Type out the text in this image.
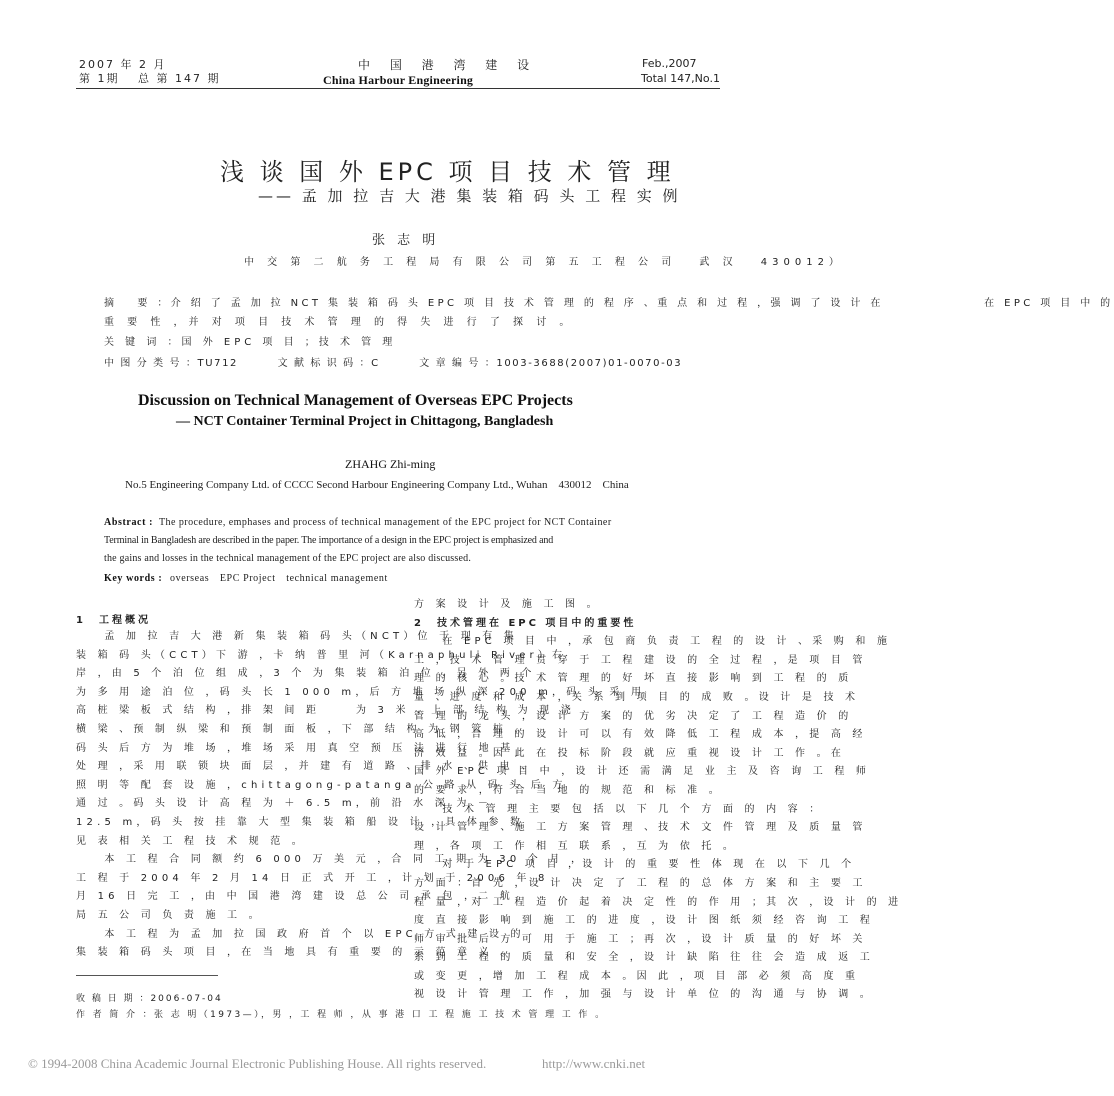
2007 年 2 月
第 1期　 总 第 147 期
中 国 港 湾 建 设
China Harbour Engineering
Feb.,2007
Total 147,No.1
浅 谈 国 外 EPC 项 目 技 术 管 理
—— 孟 加 拉 吉 大 港 集 装 箱 码 头 工 程 实 例
张 志 明
中 交 第 二 航 务 工 程 局 有 限 公 司 第 五 工 程 公 司　 武 汉　 430012）
摘　 要 ：介 绍 了 孟 加 拉 NCT 集 装 箱 码 头 EPC 项 目 技 术 管 理 的 程 序 、重 点 和 过 程 ，强 调 了 设 计 在　　　　　　　 在 EPC 项 目 中 的
重 要 性 ，并 对 项 目 技 术 管 理 的 得 失 进 行 了 探 讨 。
关 键 词 ：国 外 EPC 项 目 ；技 术 管 理
中 图 分 类 号 ：TU712　　　 文 献 标 识 码 ：C　　　 文 章 编 号 ：1003-3688(2007)01-0070-03
Discussion on Technical Management of Overseas EPC Projects
— NCT Container Terminal Project in Chittagong, Bangladesh
ZHAHG Zhi-ming
No.5 Engineering Company Ltd. of CCCC Second Harbour Engineering Company Ltd., Wuhan　430012　China
Abstract : The procedure, emphases and process of technical management of the EPC project for NCT Container
Terminal in Bangladesh are described in the paper. The importance of a design in the EPC project is emphasized and
the gains and losses in the technical management of the EPC project are also discussed.
Key words : overseas　EPC Project　technical management
1　工程概况
　　孟 加 拉 吉 大 港 新 集 装 箱 码 头（NCT）位 于 现 有 集
装 箱 码 头（CCT）下 游 ，卡 纳 普 里 河（Karnaphuli River）右
岸 ，由 5 个 泊 位 组 成 ，3 个 为 集 装 箱 泊 位 ，另 外 两 个
为 多 用 途 泊 位 ，码 头 长 1 000 m，后 方 堆 场 纵 深 200 m，码 头 采 用
高 桩 梁 板 式 结 构 ，排 架 间 距　　 为 3 米 ，上 部 结 构 为 现 浇
横 梁 、预 制 纵 梁 和 预 制 面 板 ，下 部 结 构 为 钢 管 桩 ，
码 头 后 方 为 堆 场 ，堆 场 采 用 真 空 预 压 法 进 行 地 基
处 理 ，采 用 联 锁 块 面 层 ，并 建 有 道 路 、排 水 、供 电 、
照 明 等 配 套 设 施 ，chittagong-patanga 公 路 从 码 头 后 方
通 过 。码 头 设 计 高 程 为 ＋ 6.5 m，前 沿 水 深 为 －
12.5 m，码 头 按 挂 靠 大 型 集 装 箱 船 设 计 ，具 体 参 数
见 表 相 关 工 程 技 术 规 范 。
　　本 工 程 合 同 额 约 6 000 万 美 元 ，合 同 工 期 为 30 个 月 ，
工 程 于 2004 年 2 月 14 日 正 式 开 工 ，计 划 于 2006 年 8
月 16 日 完 工 ，由 中 国 港 湾 建 设 总 公 司 承 包 ，二 航
局 五 公 司 负 责 施 工 。
　　本 工 程 为 孟 加 拉 国 政 府 首 个 以 EPC 方 式 建 设 的
集 装 箱 码 头 项 目 ，在 当 地 具 有 重 要 的 示 范 意 义 。
收 稿 日 期 ：2006-07-04
作 者 简 介 ：张 志 明（1973—），男 ，工 程 师 ，从 事 港 口 工 程 施 工 技 术 管 理 工 作 。
方 案 设 计 及 施 工 图 。
2　技术管理在 EPC 项目中的重要性
　　在 EPC 项 目 中 ，承 包 商 负 责 工 程 的 设 计 、采 购 和 施
工 ，技 术 管 理 贯 穿 于 工 程 建 设 的 全 过 程 ，是 项 目 管
理 的 核 心 。技 术 管 理 的 好 坏 直 接 影 响 到 工 程 的 质
量 、进 度 和 成 本 ，关 系 到 项 目 的 成 败 。设 计 是 技 术
管 理 的 龙 头 ，设 计 方 案 的 优 劣 决 定 了 工 程 造 价 的
高 低 ，合 理 的 设 计 可 以 有 效 降 低 工 程 成 本 ，提 高 经
济 效 益 。因 此 在 投 标 阶 段 就 应 重 视 设 计 工 作 。在
国 外 EPC 项 目 中 ，设 计 还 需 满 足 业 主 及 咨 询 工 程 师
的 要 求 ，符 合 当 地 的 规 范 和 标 准 。
　　技 术 管 理 主 要 包 括 以 下 几 个 方 面 的 内 容 ：
设 计 管 理 、施 工 方 案 管 理 、技 术 文 件 管 理 及 质 量 管
理 ，各 项 工 作 相 互 联 系 ，互 为 依 托 。
　　对 于 EPC 项 目 ，设 计 的 重 要 性 体 现 在 以 下 几 个
方 面 ：首 先 ，设 计 决 定 了 工 程 的 总 体 方 案 和 主 要 工
程 量 ，对 工 程 造 价 起 着 决 定 性 的 作 用 ；其 次 ，设 计 的 进
度 直 接 影 响 到 施 工 的 进 度 ，设 计 图 纸 须 经 咨 询 工 程
师 审 批 后 方 可 用 于 施 工 ；再 次 ，设 计 质 量 的 好 坏 关
系 到 工 程 的 质 量 和 安 全 ，设 计 缺 陷 往 往 会 造 成 返 工
或 变 更 ，增 加 工 程 成 本 。因 此 ，项 目 部 必 须 高 度 重
视 设 计 管 理 工 作 ，加 强 与 设 计 单 位 的 沟 通 与 协 调 。
© 1994-2008 China Academic Journal Electronic Publishing House. All rights reserved.	http://www.cnki.net
